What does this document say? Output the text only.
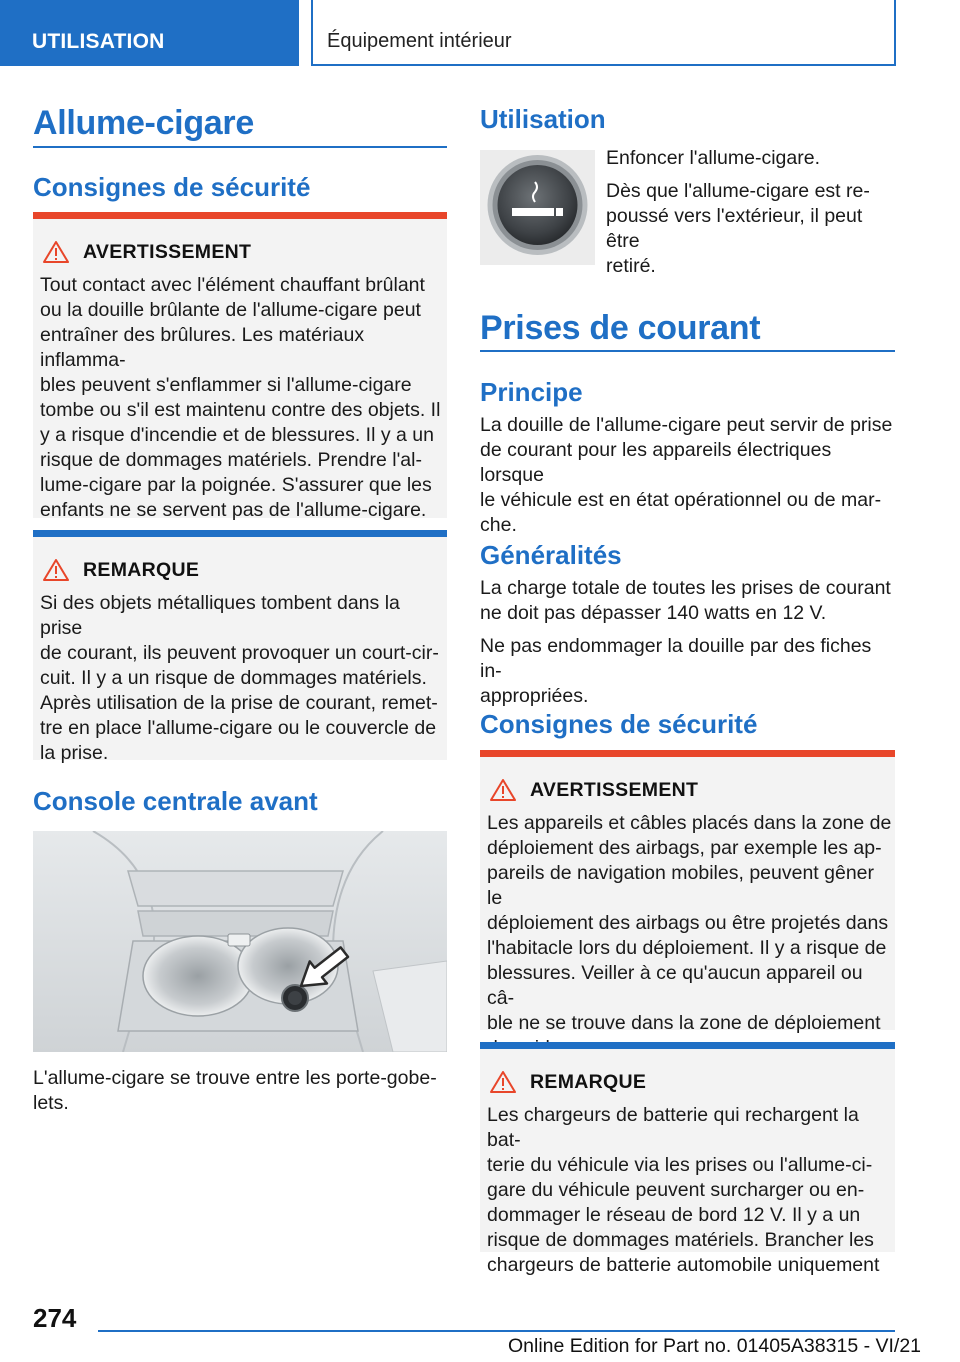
UTILISATION	Équipement intérieur
Allume-cigare
Consignes de sécurité
AVERTISSEMENT
Tout contact avec l'élément chauffant brûlant
ou la douille brûlante de l'allume-cigare peut
entraîner des brûlures. Les matériaux inflamma-
bles peuvent s'enflammer si l'allume-cigare
tombe ou s'il est maintenu contre des objets. Il
y a risque d'incendie et de blessures. Il y a un
risque de dommages matériels. Prendre l'al-
lume-cigare par la poignée. S'assurer que les
enfants ne se servent pas de l'allume-cigare.
REMARQUE
Si des objets métalliques tombent dans la prise
de courant, ils peuvent provoquer un court-cir-
cuit. Il y a un risque de dommages matériels.
Après utilisation de la prise de courant, remet-
tre en place l'allume-cigare ou le couvercle de
la prise.
Console centrale avant
L'allume-cigare se trouve entre les porte-gobe-
lets.
Utilisation
Enfoncer l'allume-cigare.
Dès que l'allume-cigare est re-
poussé vers l'extérieur, il peut être
retiré.
Prises de courant
Principe
La douille de l'allume-cigare peut servir de prise
de courant pour les appareils électriques lorsque
le véhicule est en état opérationnel ou de mar-
che.
Généralités
La charge totale de toutes les prises de courant
ne doit pas dépasser 140 watts en 12 V.
Ne pas endommager la douille par des fiches in-
appropriées.
Consignes de sécurité
AVERTISSEMENT
Les appareils et câbles placés dans la zone de
déploiement des airbags, par exemple les ap-
pareils de navigation mobiles, peuvent gêner le
déploiement des airbags ou être projetés dans
l'habitacle lors du déploiement. Il y a risque de
blessures. Veiller à ce qu'aucun appareil ou câ-
ble ne se trouve dans la zone de déploiement
REMARQUE
Les chargeurs de batterie qui rechargent la bat-
terie du véhicule via les prises ou l'allume-ci-
gare du véhicule peuvent surcharger ou en-
dommager le réseau de bord 12 V. Il y a un
risque de dommages matériels. Brancher les
chargeurs de batterie automobile uniquement
274
Online Edition for Part no. 01405A38315 - VI/21
